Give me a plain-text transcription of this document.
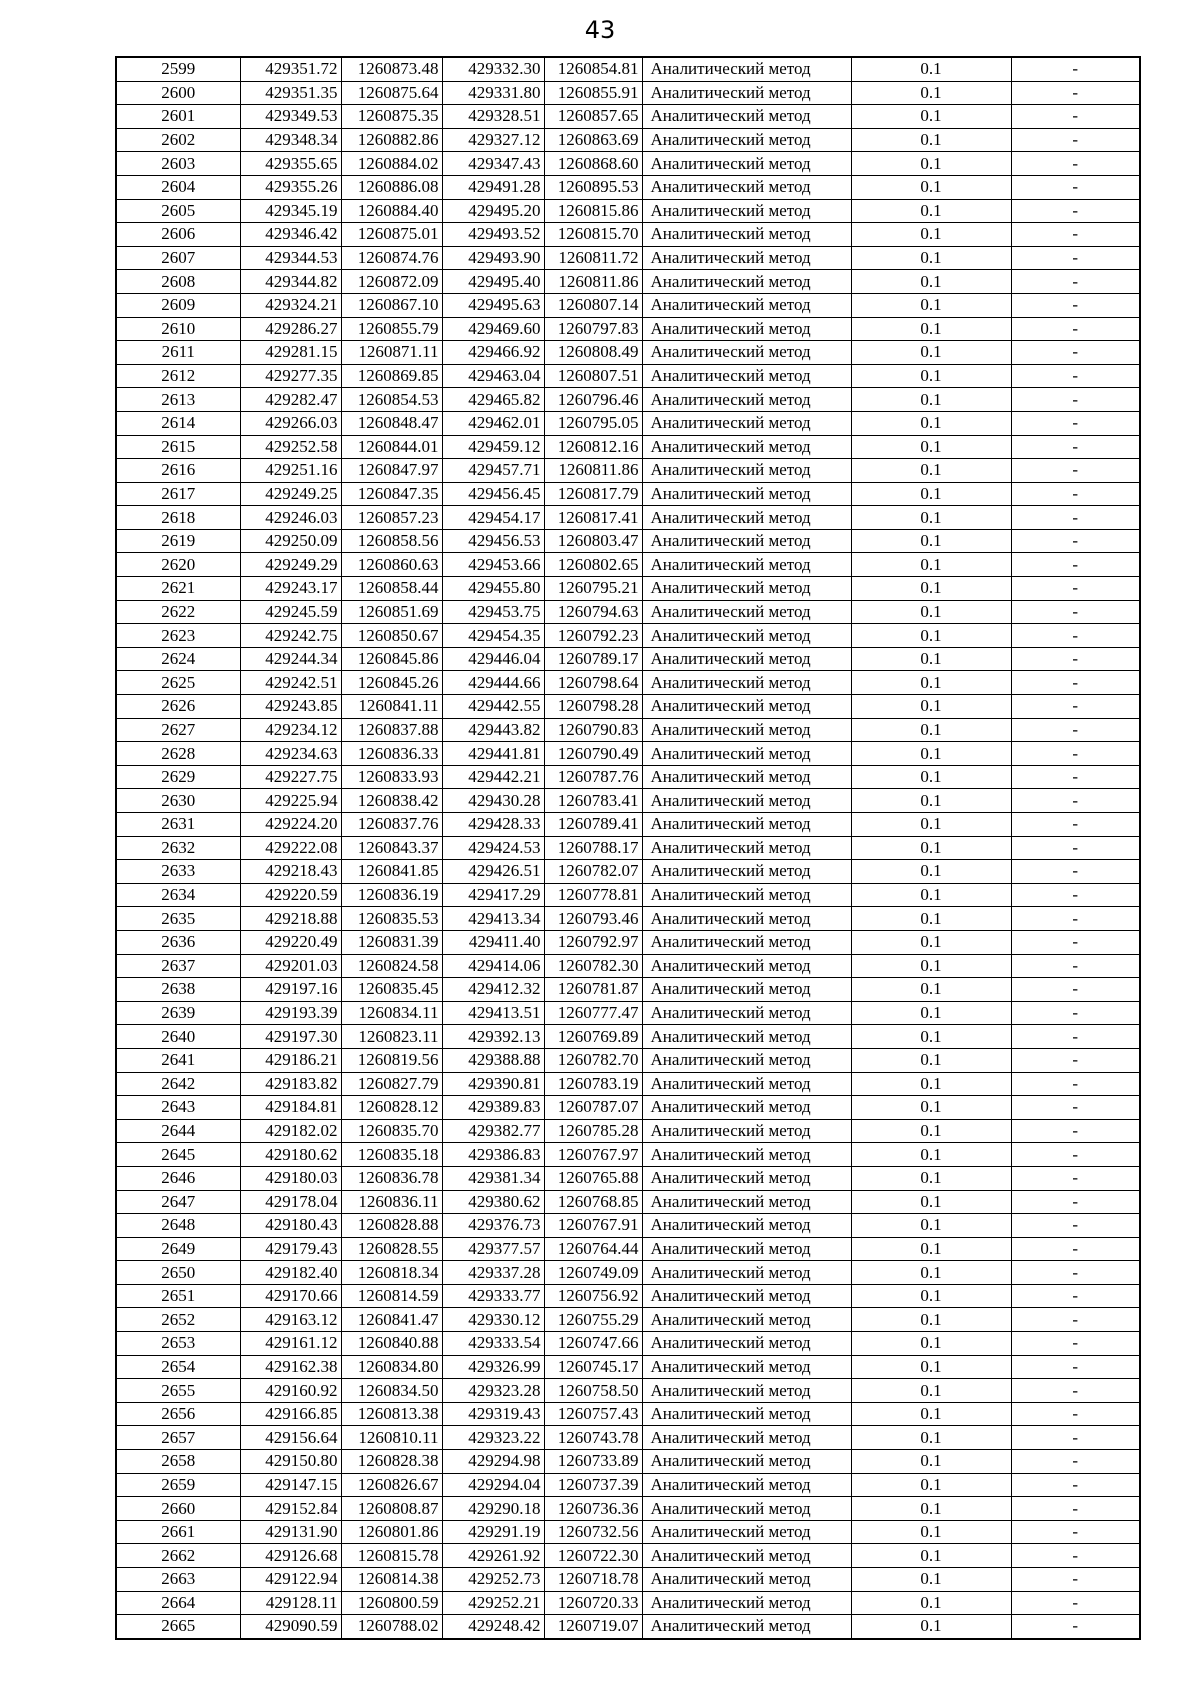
43
2599	429351.72	1260873.48	429332.30	1260854.81	Аналитический метод	0.1	-
2600	429351.35	1260875.64	429331.80	1260855.91	Аналитический метод	0.1	-
2601	429349.53	1260875.35	429328.51	1260857.65	Аналитический метод	0.1	-
2602	429348.34	1260882.86	429327.12	1260863.69	Аналитический метод	0.1	-
2603	429355.65	1260884.02	429347.43	1260868.60	Аналитический метод	0.1	-
2604	429355.26	1260886.08	429491.28	1260895.53	Аналитический метод	0.1	-
2605	429345.19	1260884.40	429495.20	1260815.86	Аналитический метод	0.1	-
2606	429346.42	1260875.01	429493.52	1260815.70	Аналитический метод	0.1	-
2607	429344.53	1260874.76	429493.90	1260811.72	Аналитический метод	0.1	-
2608	429344.82	1260872.09	429495.40	1260811.86	Аналитический метод	0.1	-
2609	429324.21	1260867.10	429495.63	1260807.14	Аналитический метод	0.1	-
2610	429286.27	1260855.79	429469.60	1260797.83	Аналитический метод	0.1	-
2611	429281.15	1260871.11	429466.92	1260808.49	Аналитический метод	0.1	-
2612	429277.35	1260869.85	429463.04	1260807.51	Аналитический метод	0.1	-
2613	429282.47	1260854.53	429465.82	1260796.46	Аналитический метод	0.1	-
2614	429266.03	1260848.47	429462.01	1260795.05	Аналитический метод	0.1	-
2615	429252.58	1260844.01	429459.12	1260812.16	Аналитический метод	0.1	-
2616	429251.16	1260847.97	429457.71	1260811.86	Аналитический метод	0.1	-
2617	429249.25	1260847.35	429456.45	1260817.79	Аналитический метод	0.1	-
2618	429246.03	1260857.23	429454.17	1260817.41	Аналитический метод	0.1	-
2619	429250.09	1260858.56	429456.53	1260803.47	Аналитический метод	0.1	-
2620	429249.29	1260860.63	429453.66	1260802.65	Аналитический метод	0.1	-
2621	429243.17	1260858.44	429455.80	1260795.21	Аналитический метод	0.1	-
2622	429245.59	1260851.69	429453.75	1260794.63	Аналитический метод	0.1	-
2623	429242.75	1260850.67	429454.35	1260792.23	Аналитический метод	0.1	-
2624	429244.34	1260845.86	429446.04	1260789.17	Аналитический метод	0.1	-
2625	429242.51	1260845.26	429444.66	1260798.64	Аналитический метод	0.1	-
2626	429243.85	1260841.11	429442.55	1260798.28	Аналитический метод	0.1	-
2627	429234.12	1260837.88	429443.82	1260790.83	Аналитический метод	0.1	-
2628	429234.63	1260836.33	429441.81	1260790.49	Аналитический метод	0.1	-
2629	429227.75	1260833.93	429442.21	1260787.76	Аналитический метод	0.1	-
2630	429225.94	1260838.42	429430.28	1260783.41	Аналитический метод	0.1	-
2631	429224.20	1260837.76	429428.33	1260789.41	Аналитический метод	0.1	-
2632	429222.08	1260843.37	429424.53	1260788.17	Аналитический метод	0.1	-
2633	429218.43	1260841.85	429426.51	1260782.07	Аналитический метод	0.1	-
2634	429220.59	1260836.19	429417.29	1260778.81	Аналитический метод	0.1	-
2635	429218.88	1260835.53	429413.34	1260793.46	Аналитический метод	0.1	-
2636	429220.49	1260831.39	429411.40	1260792.97	Аналитический метод	0.1	-
2637	429201.03	1260824.58	429414.06	1260782.30	Аналитический метод	0.1	-
2638	429197.16	1260835.45	429412.32	1260781.87	Аналитический метод	0.1	-
2639	429193.39	1260834.11	429413.51	1260777.47	Аналитический метод	0.1	-
2640	429197.30	1260823.11	429392.13	1260769.89	Аналитический метод	0.1	-
2641	429186.21	1260819.56	429388.88	1260782.70	Аналитический метод	0.1	-
2642	429183.82	1260827.79	429390.81	1260783.19	Аналитический метод	0.1	-
2643	429184.81	1260828.12	429389.83	1260787.07	Аналитический метод	0.1	-
2644	429182.02	1260835.70	429382.77	1260785.28	Аналитический метод	0.1	-
2645	429180.62	1260835.18	429386.83	1260767.97	Аналитический метод	0.1	-
2646	429180.03	1260836.78	429381.34	1260765.88	Аналитический метод	0.1	-
2647	429178.04	1260836.11	429380.62	1260768.85	Аналитический метод	0.1	-
2648	429180.43	1260828.88	429376.73	1260767.91	Аналитический метод	0.1	-
2649	429179.43	1260828.55	429377.57	1260764.44	Аналитический метод	0.1	-
2650	429182.40	1260818.34	429337.28	1260749.09	Аналитический метод	0.1	-
2651	429170.66	1260814.59	429333.77	1260756.92	Аналитический метод	0.1	-
2652	429163.12	1260841.47	429330.12	1260755.29	Аналитический метод	0.1	-
2653	429161.12	1260840.88	429333.54	1260747.66	Аналитический метод	0.1	-
2654	429162.38	1260834.80	429326.99	1260745.17	Аналитический метод	0.1	-
2655	429160.92	1260834.50	429323.28	1260758.50	Аналитический метод	0.1	-
2656	429166.85	1260813.38	429319.43	1260757.43	Аналитический метод	0.1	-
2657	429156.64	1260810.11	429323.22	1260743.78	Аналитический метод	0.1	-
2658	429150.80	1260828.38	429294.98	1260733.89	Аналитический метод	0.1	-
2659	429147.15	1260826.67	429294.04	1260737.39	Аналитический метод	0.1	-
2660	429152.84	1260808.87	429290.18	1260736.36	Аналитический метод	0.1	-
2661	429131.90	1260801.86	429291.19	1260732.56	Аналитический метод	0.1	-
2662	429126.68	1260815.78	429261.92	1260722.30	Аналитический метод	0.1	-
2663	429122.94	1260814.38	429252.73	1260718.78	Аналитический метод	0.1	-
2664	429128.11	1260800.59	429252.21	1260720.33	Аналитический метод	0.1	-
2665	429090.59	1260788.02	429248.42	1260719.07	Аналитический метод	0.1	-
